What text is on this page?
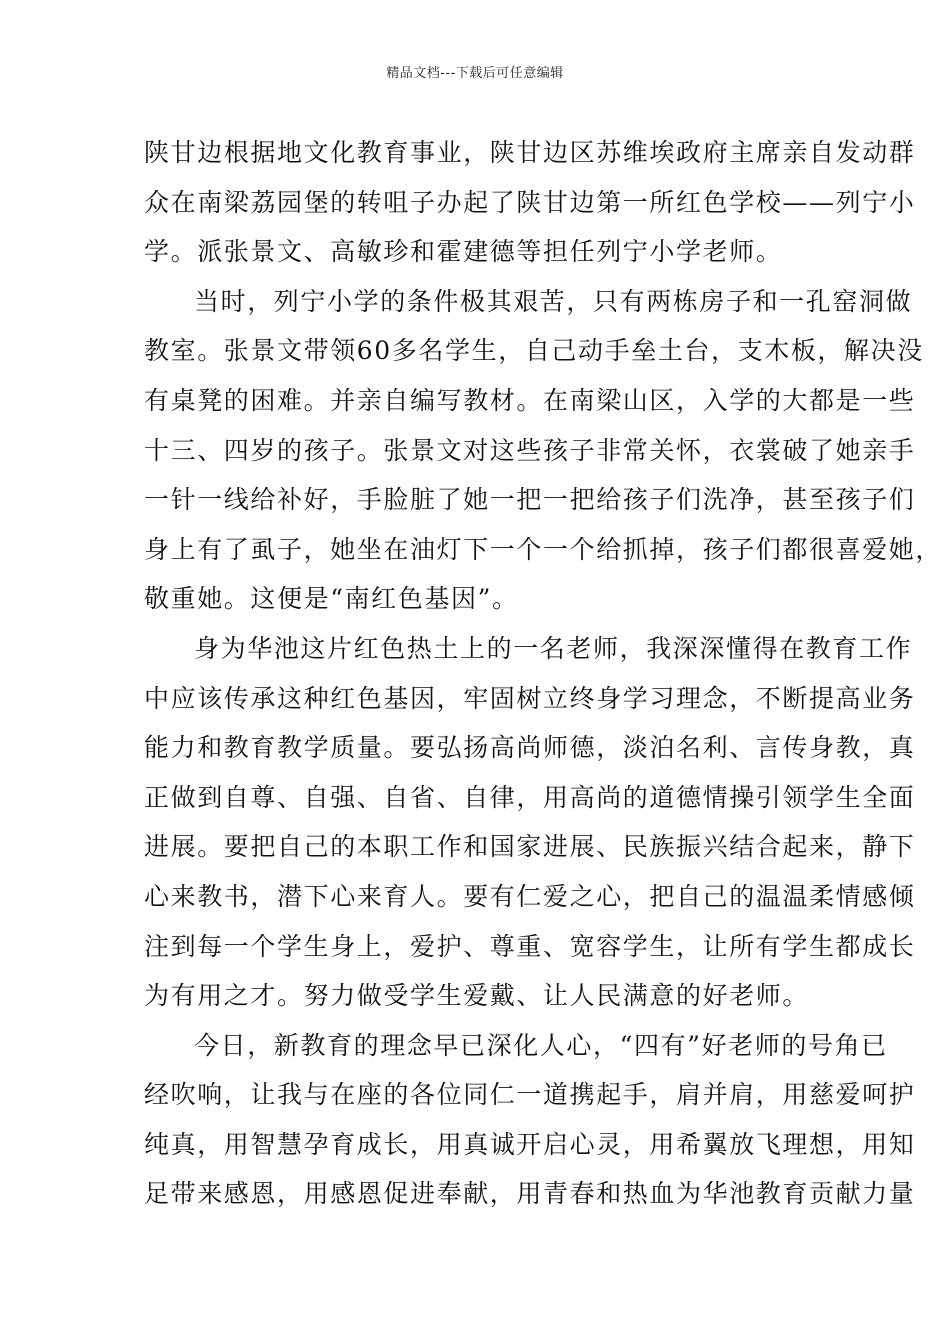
精品文档---下载后可任意编辑
陕甘边根据地文化教育事业，陕甘边区苏维埃政府主席亲自发动群
众在南梁荔园堡的转咀子办起了陕甘边第一所红色学校——列宁小
学。派张景文、高敏珍和霍建德等担任列宁小学老师。
当时，列宁小学的条件极其艰苦，只有两栋房子和一孔窑洞做
教室。张景文带领60多名学生，自己动手垒土台，支木板，解决没
有桌凳的困难。并亲自编写教材。在南梁山区，入学的大都是一些
十三、四岁的孩子。张景文对这些孩子非常关怀，衣裳破了她亲手
一针一线给补好，手脸脏了她一把一把给孩子们洗净，甚至孩子们
身上有了虱子，她坐在油灯下一个一个给抓掉，孩子们都很喜爱她，
敬重她。这便是“南红色基因”。
身为华池这片红色热土上的一名老师，我深深懂得在教育工作
中应该传承这种红色基因，牢固树立终身学习理念，不断提高业务
能力和教育教学质量。要弘扬高尚师德，淡泊名利、言传身教，真
正做到自尊、自强、自省、自律，用高尚的道德情操引领学生全面
进展。要把自己的本职工作和国家进展、民族振兴结合起来，静下
心来教书，潜下心来育人。要有仁爱之心，把自己的温温柔情感倾
注到每一个学生身上，爱护、尊重、宽容学生，让所有学生都成长
为有用之才。努力做受学生爱戴、让人民满意的好老师。
今日，新教育的理念早已深化人心，“四有”好老师的号角已
经吹响，让我与在座的各位同仁一道携起手，肩并肩，用慈爱呵护
纯真，用智慧孕育成长，用真诚开启心灵，用希翼放飞理想，用知
足带来感恩，用感恩促进奉献，用青春和热血为华池教育贡献力量
